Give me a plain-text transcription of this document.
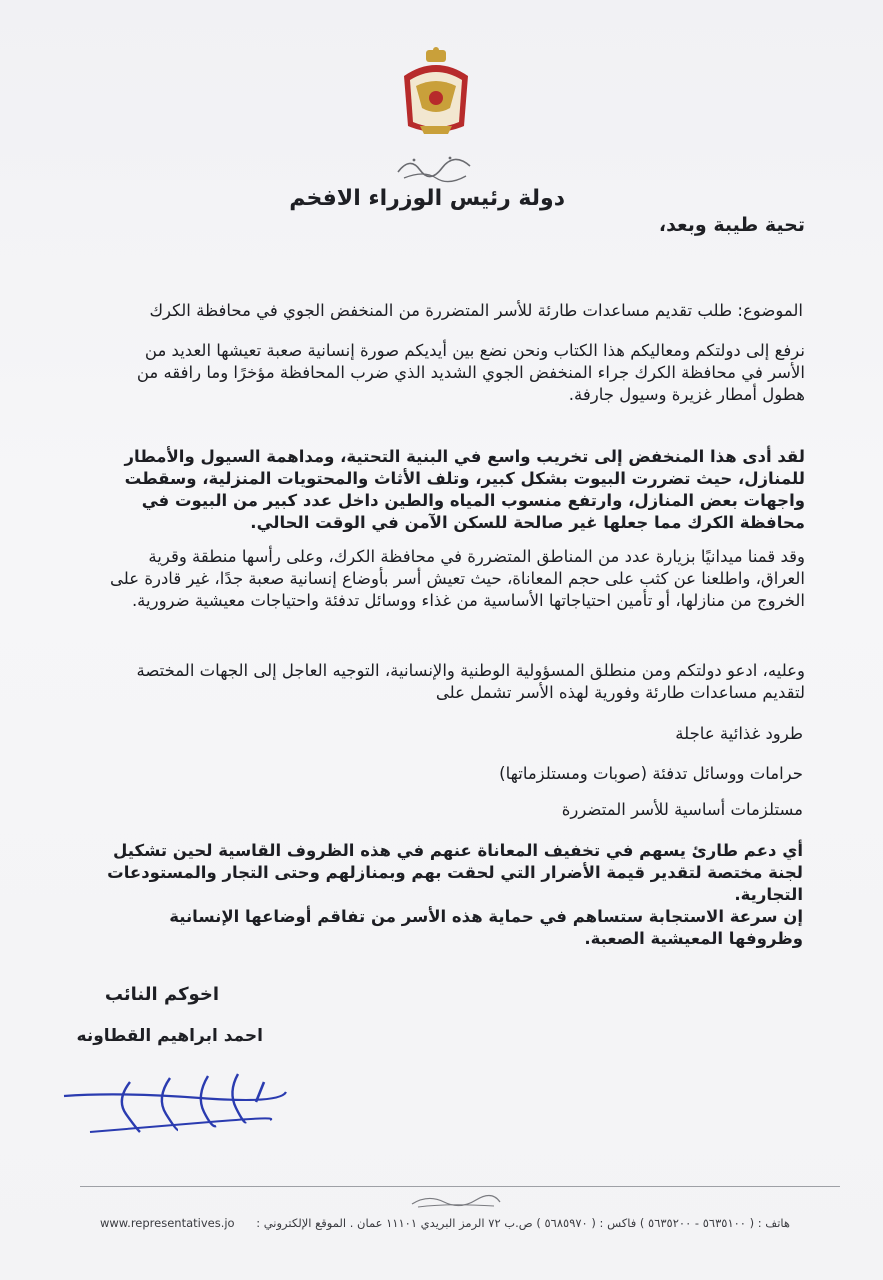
دولة رئيس الوزراء الافخم
تحية طيبة وبعد،
الموضوع: طلب تقديم مساعدات طارئة للأسر المتضررة من المنخفض الجوي في محافظة الكرك
نرفع إلى دولتكم ومعاليكم هذا الكتاب ونحن نضع بين أيديكم صورة إنسانية صعبة تعيشها العديد من الأسر في محافظة الكرك جراء المنخفض الجوي الشديد الذي ضرب المحافظة مؤخرًا وما رافقه من هطول أمطار غزيرة وسيول جارفة.
لقد أدى هذا المنخفض إلى تخريب واسع في البنية التحتية، ومداهمة السيول والأمطار للمنازل، حيث تضررت البيوت بشكل كبير، وتلف الأثاث والمحتويات المنزلية، وسقطت واجهات بعض المنازل، وارتفع منسوب المياه والطين داخل عدد كبير من البيوت في محافظة الكرك مما جعلها غير صالحة للسكن الآمن في الوقت الحالي.
وقد قمنا ميدانيًا بزيارة عدد من المناطق المتضررة في محافظة الكرك، وعلى رأسها منطقة وقرية العراق، واطلعنا عن كثب على حجم المعاناة، حيث تعيش أسر بأوضاع إنسانية صعبة جدًا، غير قادرة على الخروج من منازلها، أو تأمين احتياجاتها الأساسية من غذاء ووسائل تدفئة واحتياجات معيشية ضرورية.
وعليه، ادعو دولتكم ومن منطلق المسؤولية الوطنية والإنسانية، التوجيه العاجل إلى الجهات المختصة لتقديم مساعدات طارئة وفورية لهذه الأسر تشمل على
طرود غذائية عاجلة
حرامات ووسائل تدفئة (صوبات ومستلزماتها)
مستلزمات أساسية للأسر المتضررة
أي دعم طارئ يسهم في تخفيف المعاناة عنهم في هذه الظروف القاسية لحين تشكيل لجنة مختصة لتقدير قيمة الأضرار التي لحقت بهم وبمنازلهم وحتى التجار والمستودعات التجارية.
إن سرعة الاستجابة ستساهم في حماية هذه الأسر من تفاقم أوضاعها الإنسانية وظروفها المعيشية الصعبة.
اخوكم النائب
احمد ابراهيم القطاونه
www.representatives.jo هاتف : ( ٥٦٣٥١٠٠ - ٥٦٣٥٢٠٠ ) فاكس : ( ٥٦٨٥٩٧٠ ) ص.ب ٧٢ الرمز البريدي ١١١٠١ عمان . الموقع الإلكتروني :
